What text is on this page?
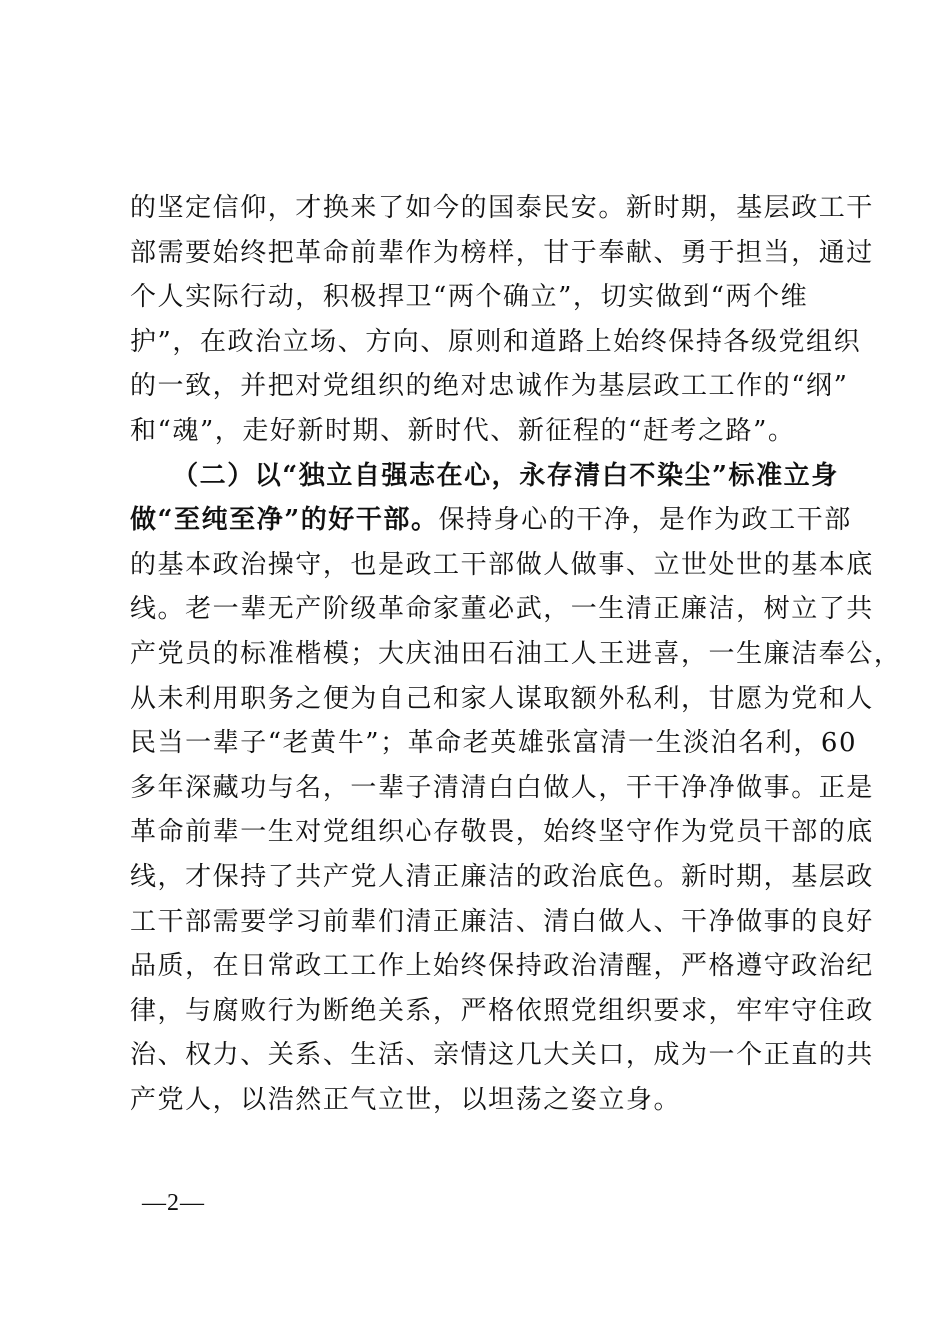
的坚定信仰，才换来了如今的国泰民安。新时期，基层政工干
部需要始终把革命前辈作为榜样，甘于奉献、勇于担当，通过
个人实际行动，积极捍卫“两个确立”，切实做到“两个维
护”，在政治立场、方向、原则和道路上始终保持各级党组织
的一致，并把对党组织的绝对忠诚作为基层政工工作的“纲”
和“魂”，走好新时期、新时代、新征程的“赶考之路”。
　　（二）以“独立自强志在心，永存清白不染尘”标准立身
做“至纯至净”的好干部。保持身心的干净，是作为政工干部
的基本政治操守，也是政工干部做人做事、立世处世的基本底
线。老一辈无产阶级革命家董必武，一生清正廉洁，树立了共
产党员的标准楷模；大庆油田石油工人王进喜，一生廉洁奉公，
从未利用职务之便为自己和家人谋取额外私利，甘愿为党和人
民当一辈子“老黄牛”；革命老英雄张富清一生淡泊名利，60
多年深藏功与名，一辈子清清白白做人，干干净净做事。正是
革命前辈一生对党组织心存敬畏，始终坚守作为党员干部的底
线，才保持了共产党人清正廉洁的政治底色。新时期，基层政
工干部需要学习前辈们清正廉洁、清白做人、干净做事的良好
品质，在日常政工工作上始终保持政治清醒，严格遵守政治纪
律，与腐败行为断绝关系，严格依照党组织要求，牢牢守住政
治、权力、关系、生活、亲情这几大关口，成为一个正直的共
产党人，以浩然正气立世，以坦荡之姿立身。
—2—
